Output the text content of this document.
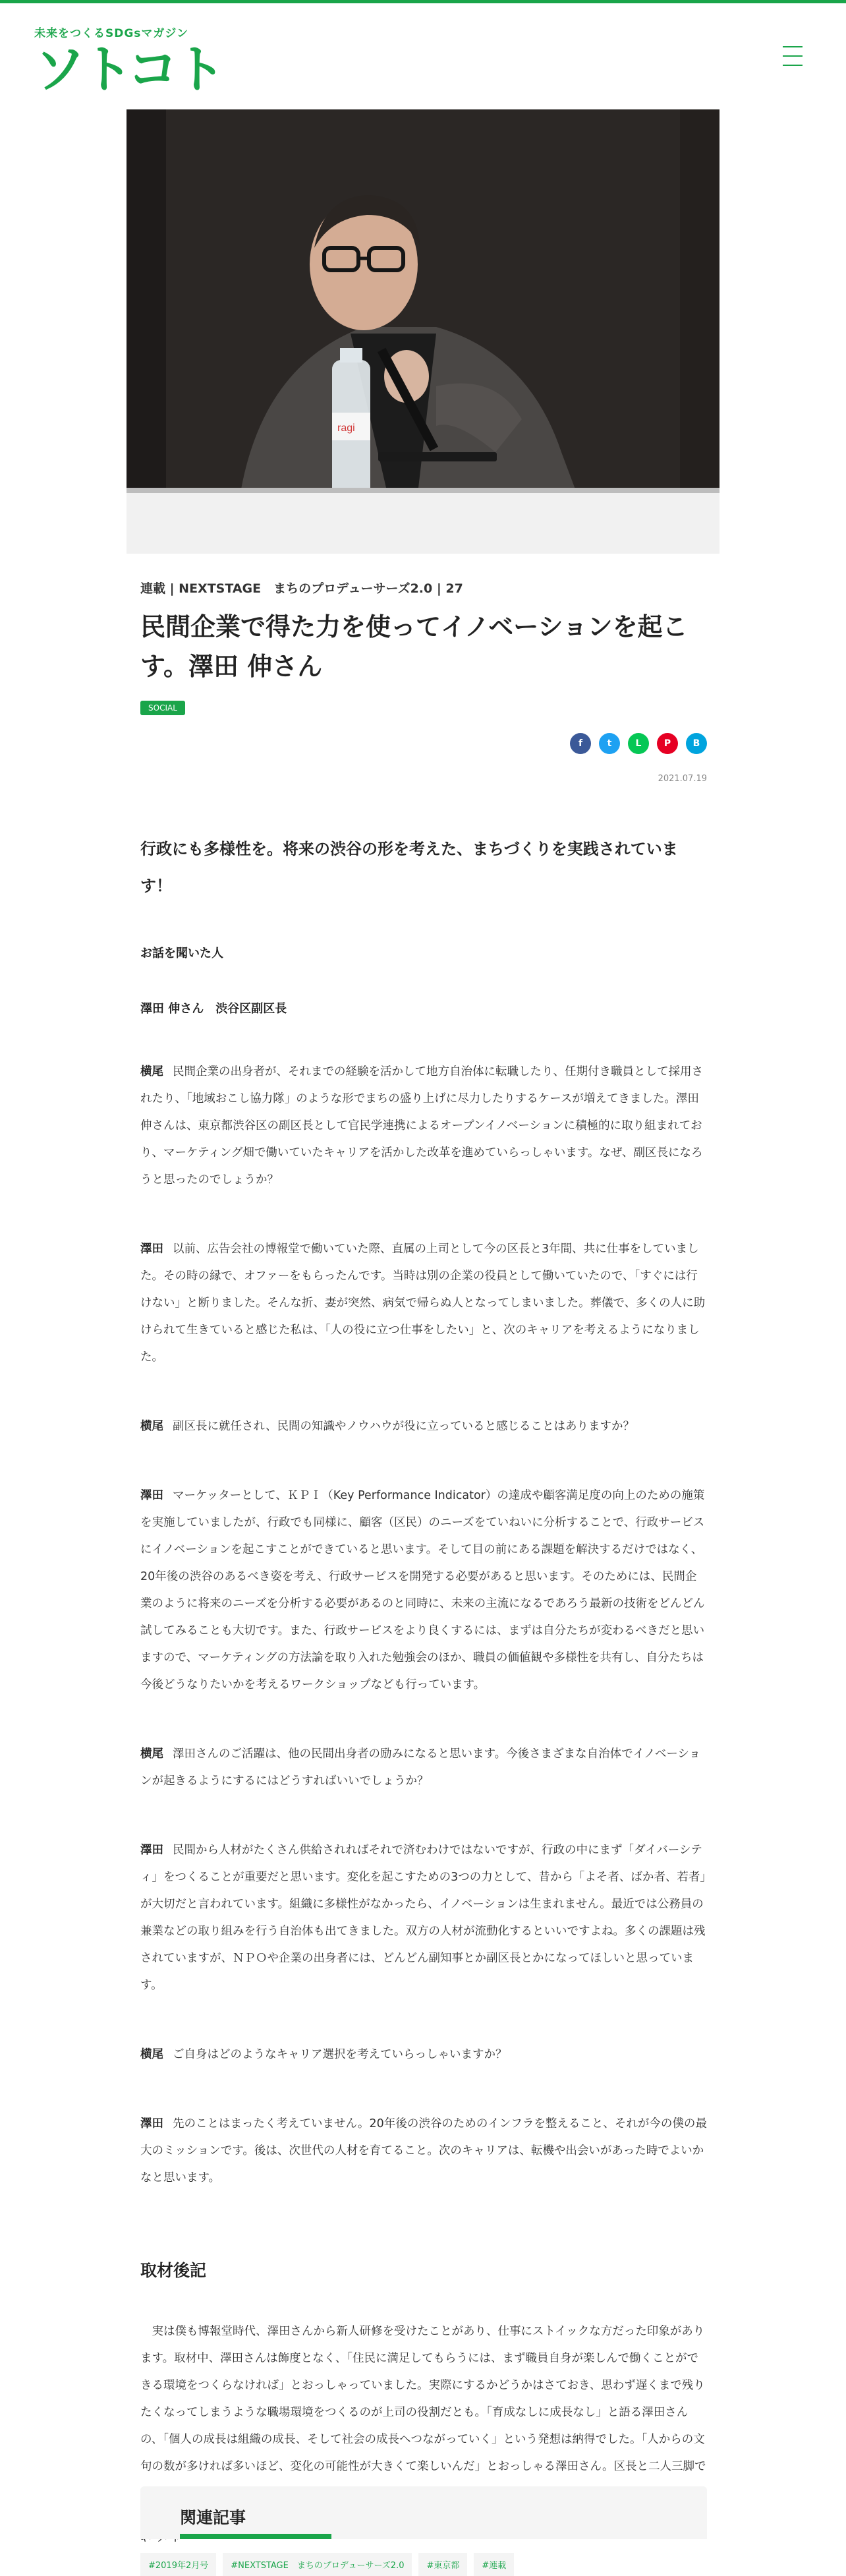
未来をつくるSDGsマガジン
ソトコト
ragi
連載 | NEXTSTAGE　まちのプロデューサーズ2.0 | 27
民間企業で得た力を使ってイノベーションを起こす。澤田 伸さん
SOCIAL
f	t	L	P	B
2021.07.19

行政にも多様性を。将来の渋谷の形を考えた、まちづくりを実践されています！

お話を聞いた人

澤田 伸さん　渋谷区副区長

横尾 民間企業の出身者が、それまでの経験を活かして地方自治体に転職したり、任期付き職員として採用されたり、「地域おこし協力隊」のような形でまちの盛り上げに尽力したりするケースが増えてきました。澤田伸さんは、東京都渋谷区の副区長として官民学連携によるオープンイノベーションに積極的に取り組まれており、マーケティング畑で働いていたキャリアを活かした改革を進めていらっしゃいます。なぜ、副区長になろうと思ったのでしょうか？

澤田 以前、広告会社の博報堂で働いていた際、直属の上司として今の区長と3年間、共に仕事をしていました。その時の縁で、オファーをもらったんです。当時は別の企業の役員として働いていたので、「すぐには行けない」と断りました。そんな折、妻が突然、病気で帰らぬ人となってしまいました。葬儀で、多くの人に助けられて生きていると感じた私は、「人の役に立つ仕事をしたい」と、次のキャリアを考えるようになりました。

横尾 副区長に就任され、民間の知識やノウハウが役に立っていると感じることはありますか？

澤田 マーケッターとして、ＫＰＩ（Key Performance Indicator）の達成や顧客満足度の向上のための施策を実施していましたが、行政でも同様に、顧客（区民）のニーズをていねいに分析することで、行政サービスにイノベーションを起こすことができていると思います。そして目の前にある課題を解決するだけではなく、20年後の渋谷のあるべき姿を考え、行政サービスを開発する必要があると思います。そのためには、民間企業のように将来のニーズを分析する必要があるのと同時に、未来の主流になるであろう最新の技術をどんどん試してみることも大切です。また、行政サービスをより良くするには、まずは自分たちが変わるべきだと思いますので、マーケティングの方法論を取り入れた勉強会のほか、職員の価値観や多様性を共有し、自分たちは今後どうなりたいかを考えるワークショップなども行っています。

横尾 澤田さんのご活躍は、他の民間出身者の励みになると思います。今後さまざまな自治体でイノベーションが起きるようにするにはどうすればいいでしょうか？

澤田 民間から人材がたくさん供給されればそれで済むわけではないですが、行政の中にまず「ダイバーシティ」をつくることが重要だと思います。変化を起こすための3つの力として、昔から「よそ者、ばか者、若者」が大切だと言われています。組織に多様性がなかったら、イノベーションは生まれません。最近では公務員の兼業などの取り組みを行う自治体も出てきました。双方の人材が流動化するといいですよね。多くの課題は残されていますが、ＮＰＯや企業の出身者には、どんどん副知事とか副区長とかになってほしいと思っています。

横尾 ご自身はどのようなキャリア選択を考えていらっしゃいますか？

澤田 先のことはまったく考えていません。20年後の渋谷のためのインフラを整えること、それが今の僕の最大のミッションです。後は、次世代の人材を育てること。次のキャリアは、転機や出会いがあった時でよいかなと思います。

取材後記

実は僕も博報堂時代、澤田さんから新人研修を受けたことがあり、仕事にストイックな方だった印象があります。取材中、澤田さんは飾度となく、「住民に満足してもらうには、まず職員自身が楽しんで働くことができる環境をつくらなければ」とおっしゃっていました。実際にするかどうかはさておき、思わず遅くまで残りたくなってしまうような職場環境をつくるのが上司の役割だとも。「育成なしに成長なし」と語る澤田さんの、「個人の成長は組織の成長、そして社会の成長へつながっていく」という発想は納得でした。「人からの文句の数が多ければ多いほど、変化の可能性が大きくて楽しいんだ」とおっしゃる澤田さん。区長と二人三脚で

#2019年2月号	#NEXTSTAGE　まちのプロデューサーズ2.0	#東京都	#連載
関連記事
